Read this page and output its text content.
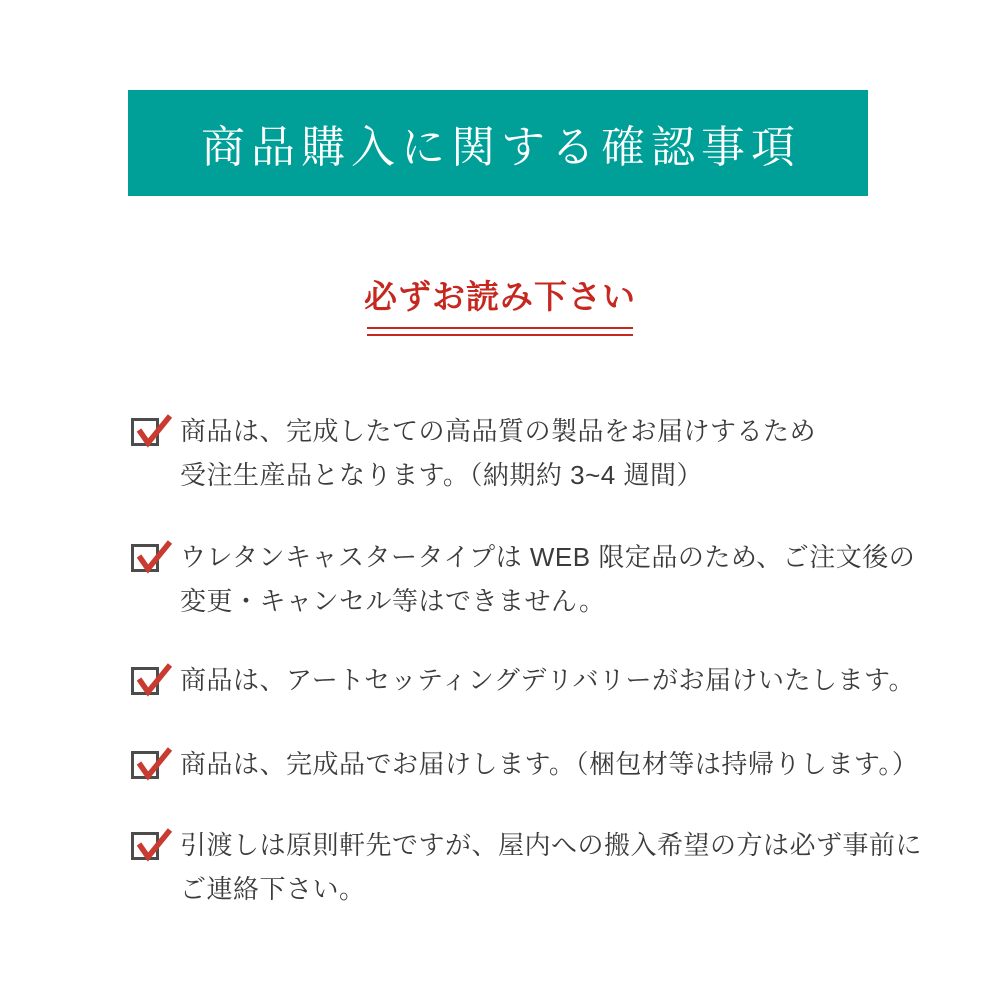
商品購入に関する確認事項
必ずお読み下さい
商品は、完成したての高品質の製品をお届けするため
受注生産品となります。（納期約 3~4 週間）
ウレタンキャスタータイプは WEB 限定品のため、ご注文後の
変更・キャンセル等はできません。
商品は、アートセッティングデリバリーがお届けいたします。
商品は、完成品でお届けします。（梱包材等は持帰りします。）
引渡しは原則軒先ですが、屋内への搬入希望の方は必ず事前に
ご連絡下さい。
